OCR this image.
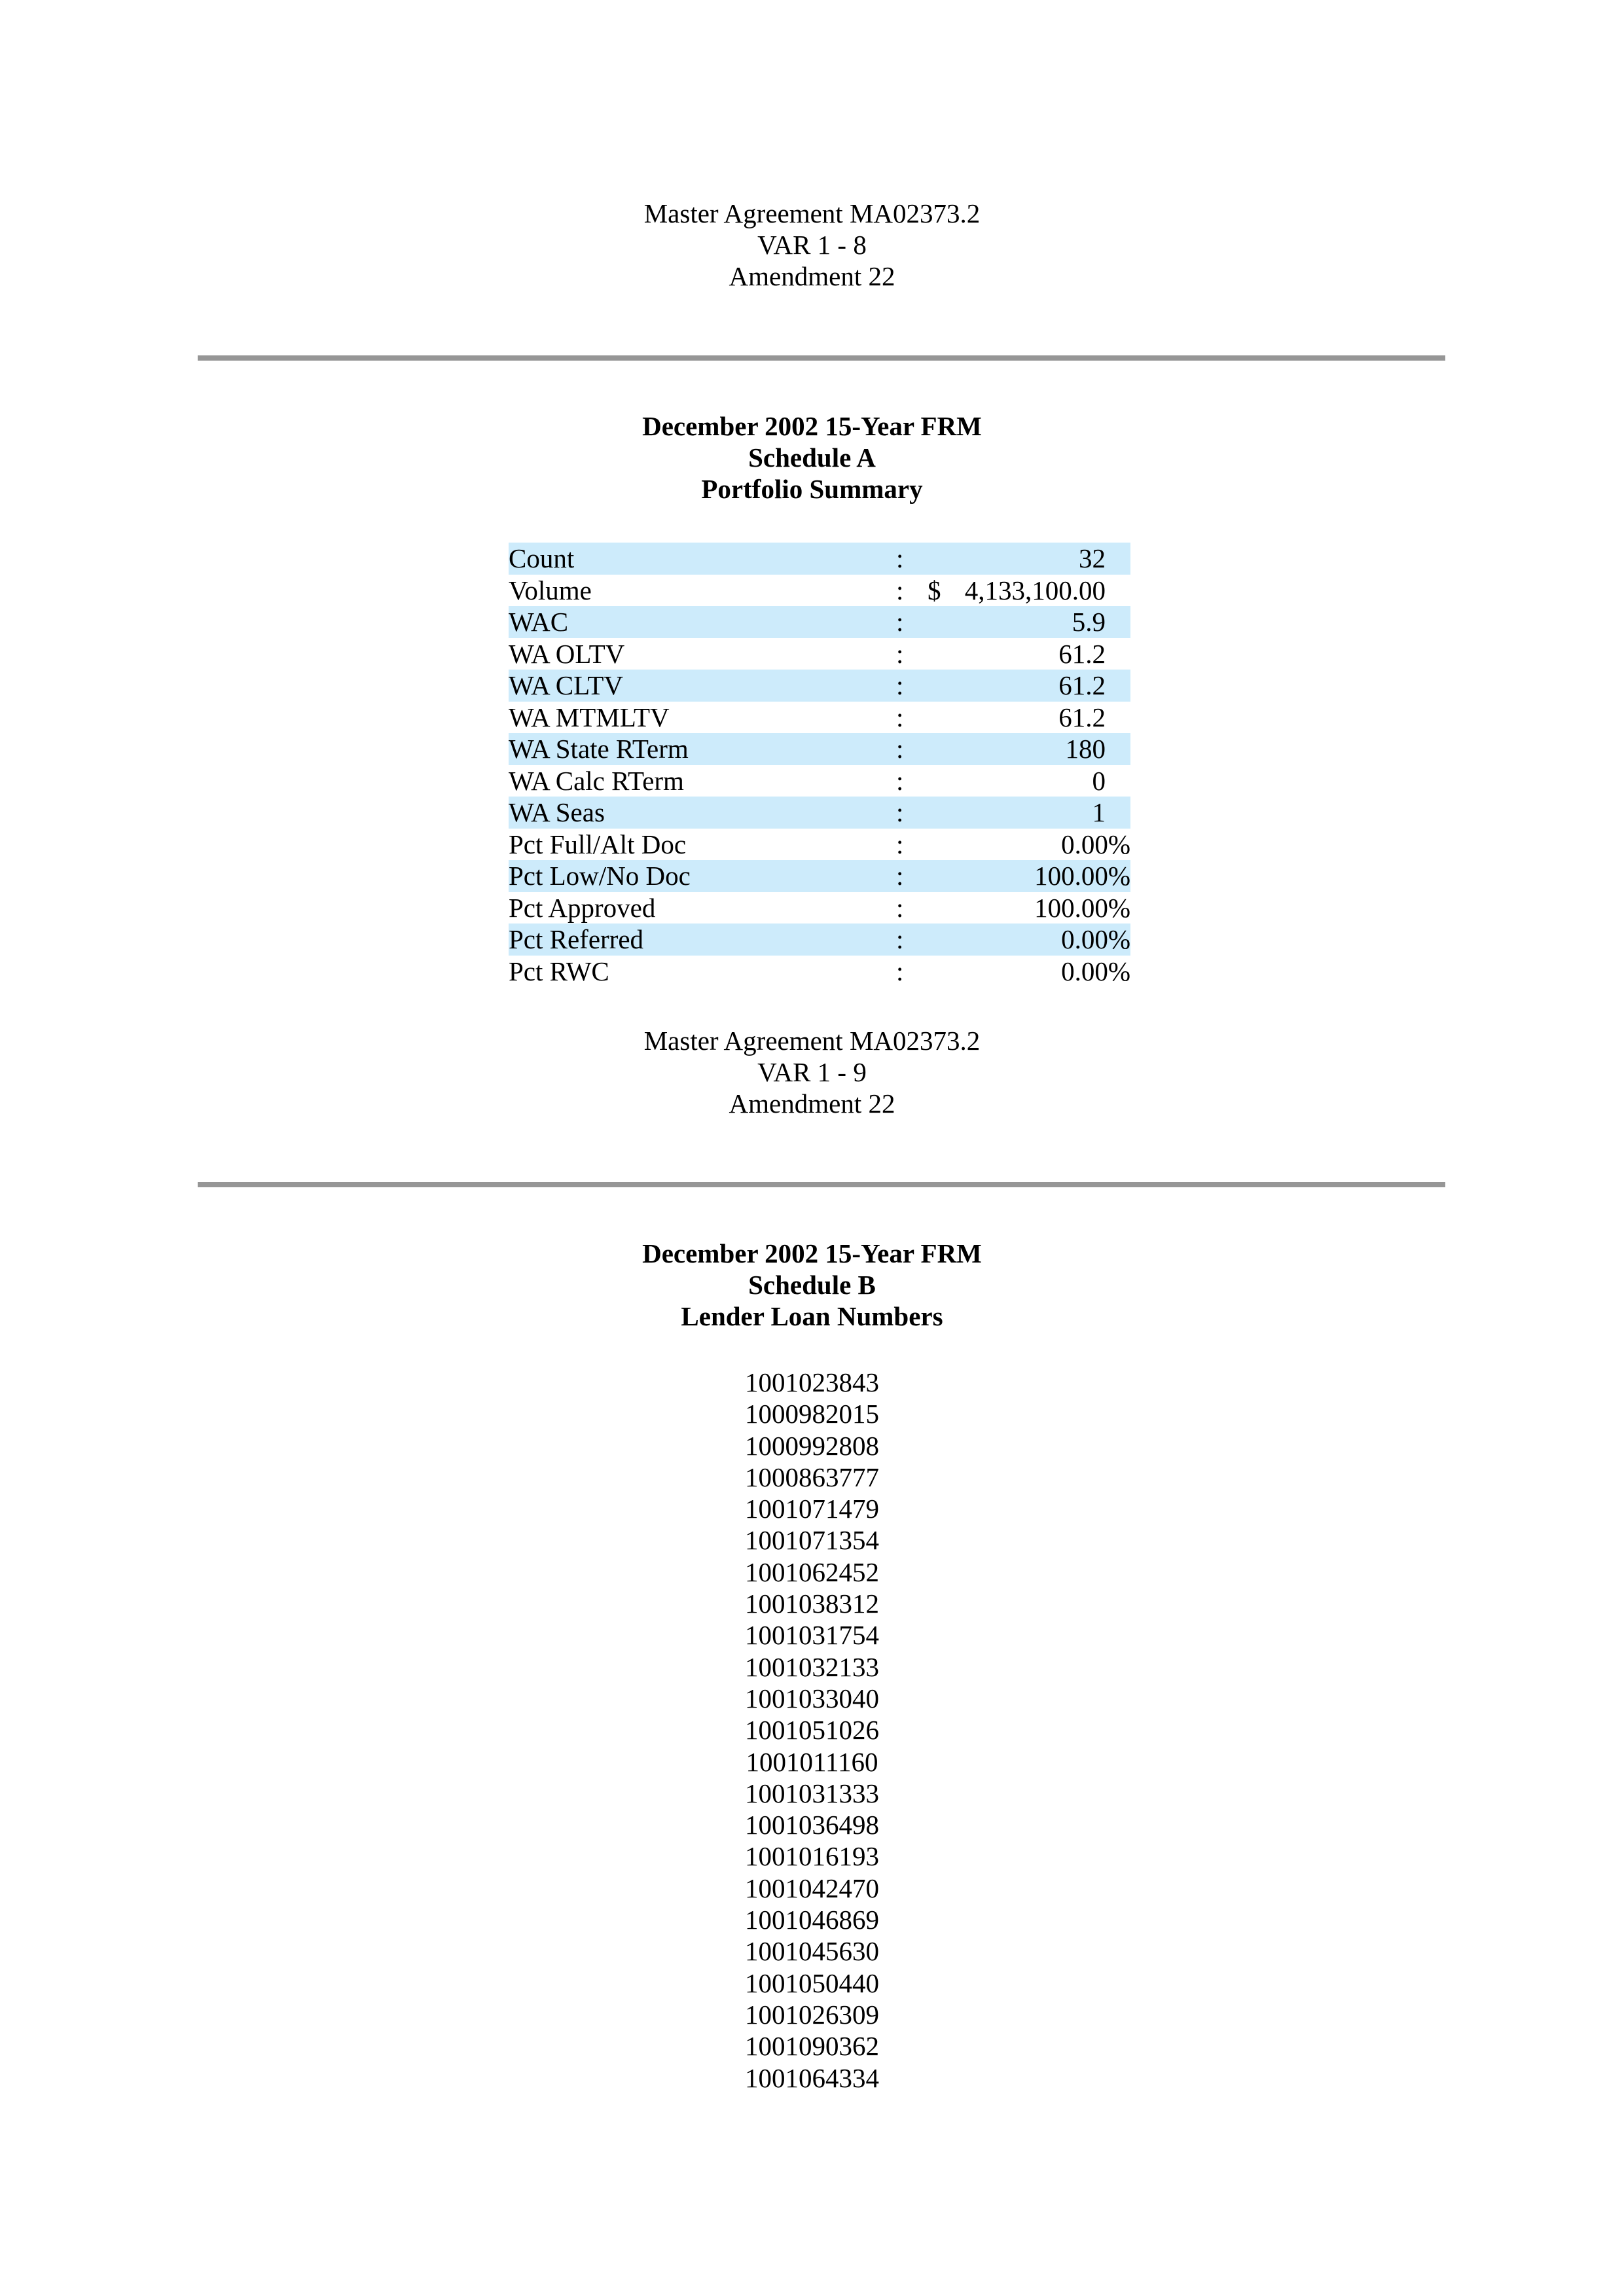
Master Agreement MA02373.2
VAR 1 - 8
Amendment 22
December 2002 15-Year FRM
Schedule A
Portfolio Summary
Count	:	32
Volume	: $ 4,133,100.00
WAC	:	5.9
WA OLTV	:	61.2
WA CLTV	:	61.2
WA MTMLTV	:	61.2
WA State RTerm	:	180
WA Calc RTerm	:	0
WA Seas	:	1
Pct Full/Alt Doc	:	0.00%
Pct Low/No Doc	:	100.00%
Pct Approved	:	100.00%
Pct Referred	:	0.00%
Pct RWC	:	0.00%
Master Agreement MA02373.2
VAR 1 - 9
Amendment 22
December 2002 15-Year FRM
Schedule B
Lender Loan Numbers
1001023843
1000982015
1000992808
1000863777
1001071479
1001071354
1001062452
1001038312
1001031754
1001032133
1001033040
1001051026
1001011160
1001031333
1001036498
1001016193
1001042470
1001046869
1001045630
1001050440
1001026309
1001090362
1001064334
